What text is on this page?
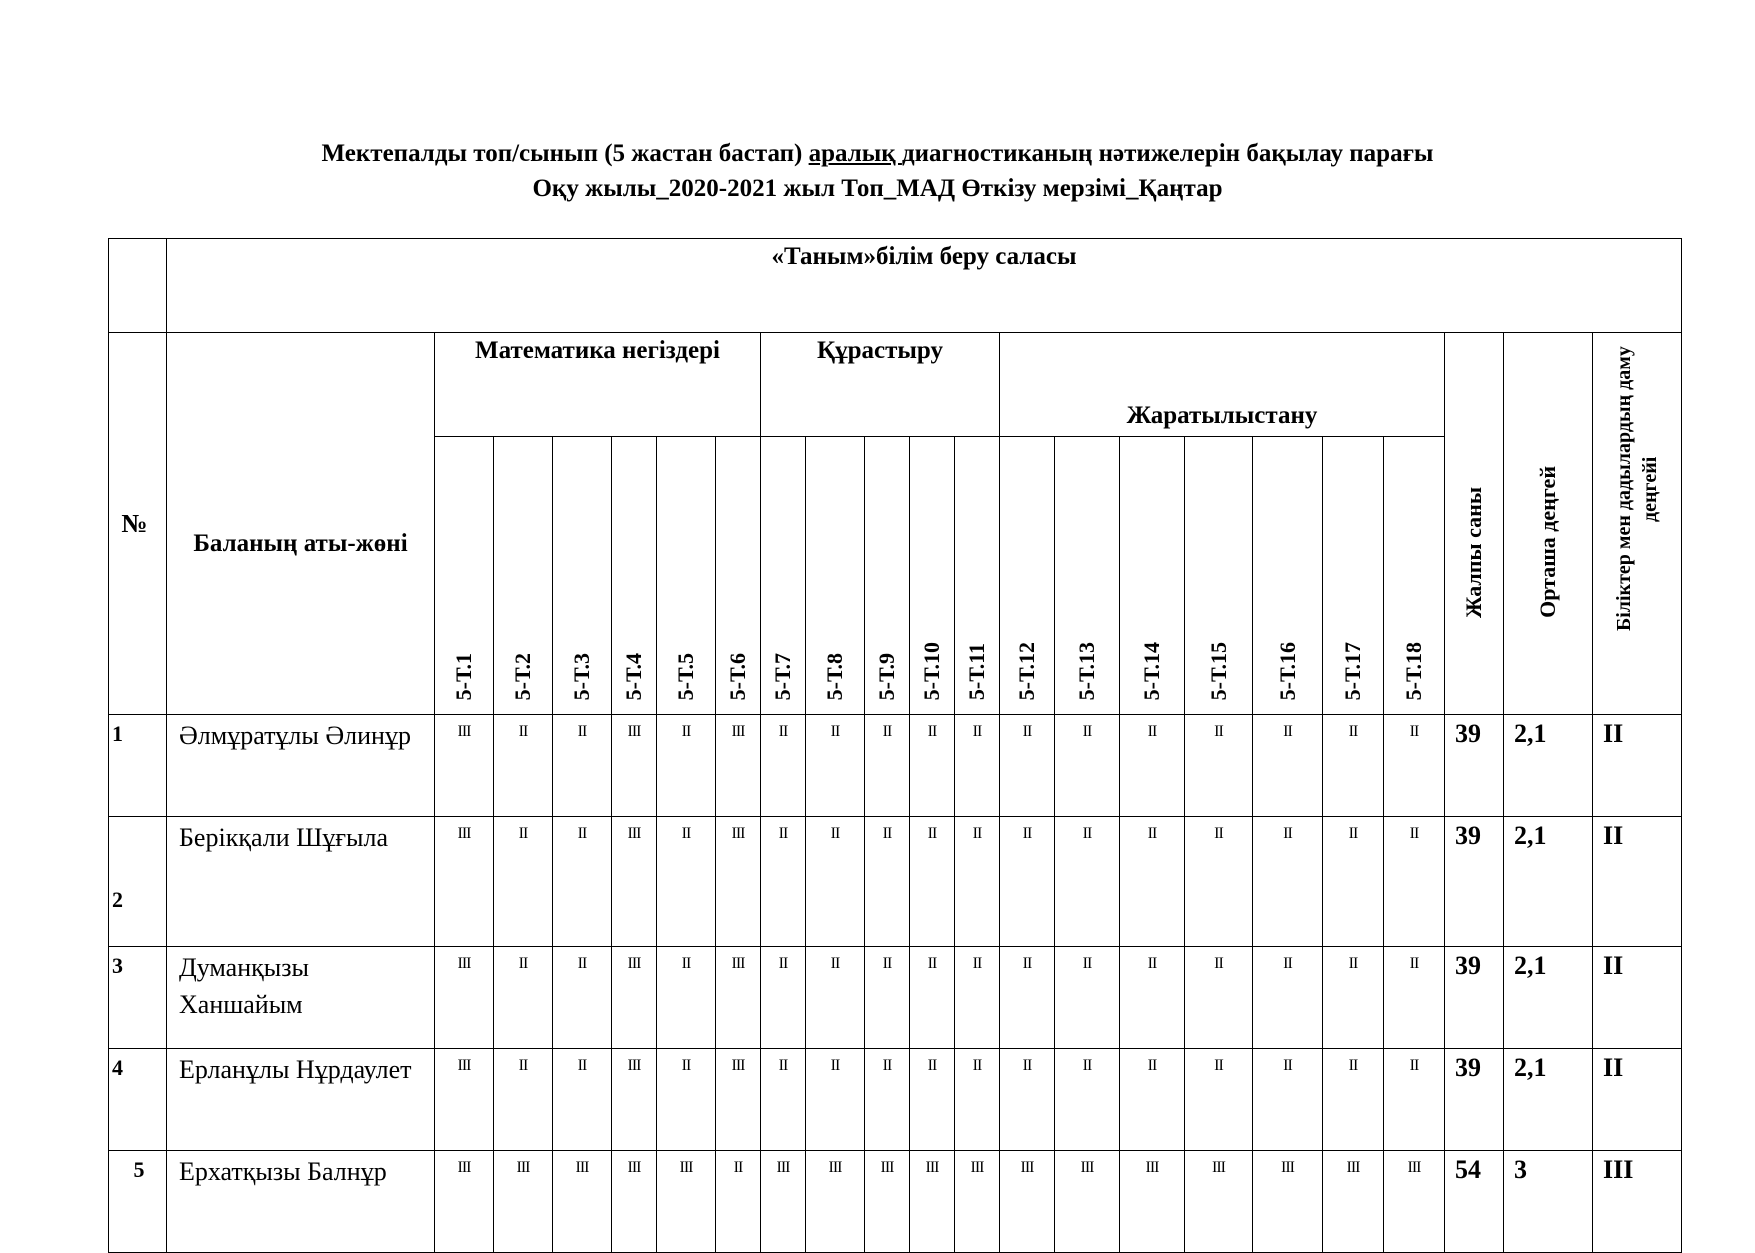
Мектепалды топ/сынып (5 жастан бастап) аралық диагностиканың нәтижелерін бақылау парағы
Оқу жылы_2020-2021 жыл Топ_МАД Өткізу мерзімі_Қаңтар

	«Таным»білім беру саласы																					

№	Баланың аты-жөні	Математика негіздері						Құрастыру					Жаратылыстану							Жалпы саны	Орташа деңгей	Біліктер мен дадылардың даму деңгейі

		5-Т.1	5-Т.2	5-Т.3	5-Т.4	5-Т.5	5-Т.6	5-Т.7	5-Т.8	5-Т.9	5-Т.10	5-Т.11	5-Т.12	5-Т.13	5-Т.14	5-Т.15	5-Т.16	5-Т.17	5-Т.18			

1	Әлмұратұлы Әлинұр	III	II	II	III	II	III	II	II	II	II	II	II	II	II	II	II	II	II	39	2,1	II
2	Берікқали Шұғыла	III	II	II	III	II	III	II	II	II	II	II	II	II	II	II	II	II	II	39	2,1	II
3	Думанқызы Ханшайым	III	II	II	III	II	III	II	II	II	II	II	II	II	II	II	II	II	II	39	2,1	II
4	Ерланұлы Нұрдаулет	III	II	II	III	II	III	II	II	II	II	II	II	II	II	II	II	II	II	39	2,1	II
5	Ерхатқызы Балнұр	III	III	III	III	III	II	III	III	III	III	III	III	III	III	III	III	III	III	54	3	III
